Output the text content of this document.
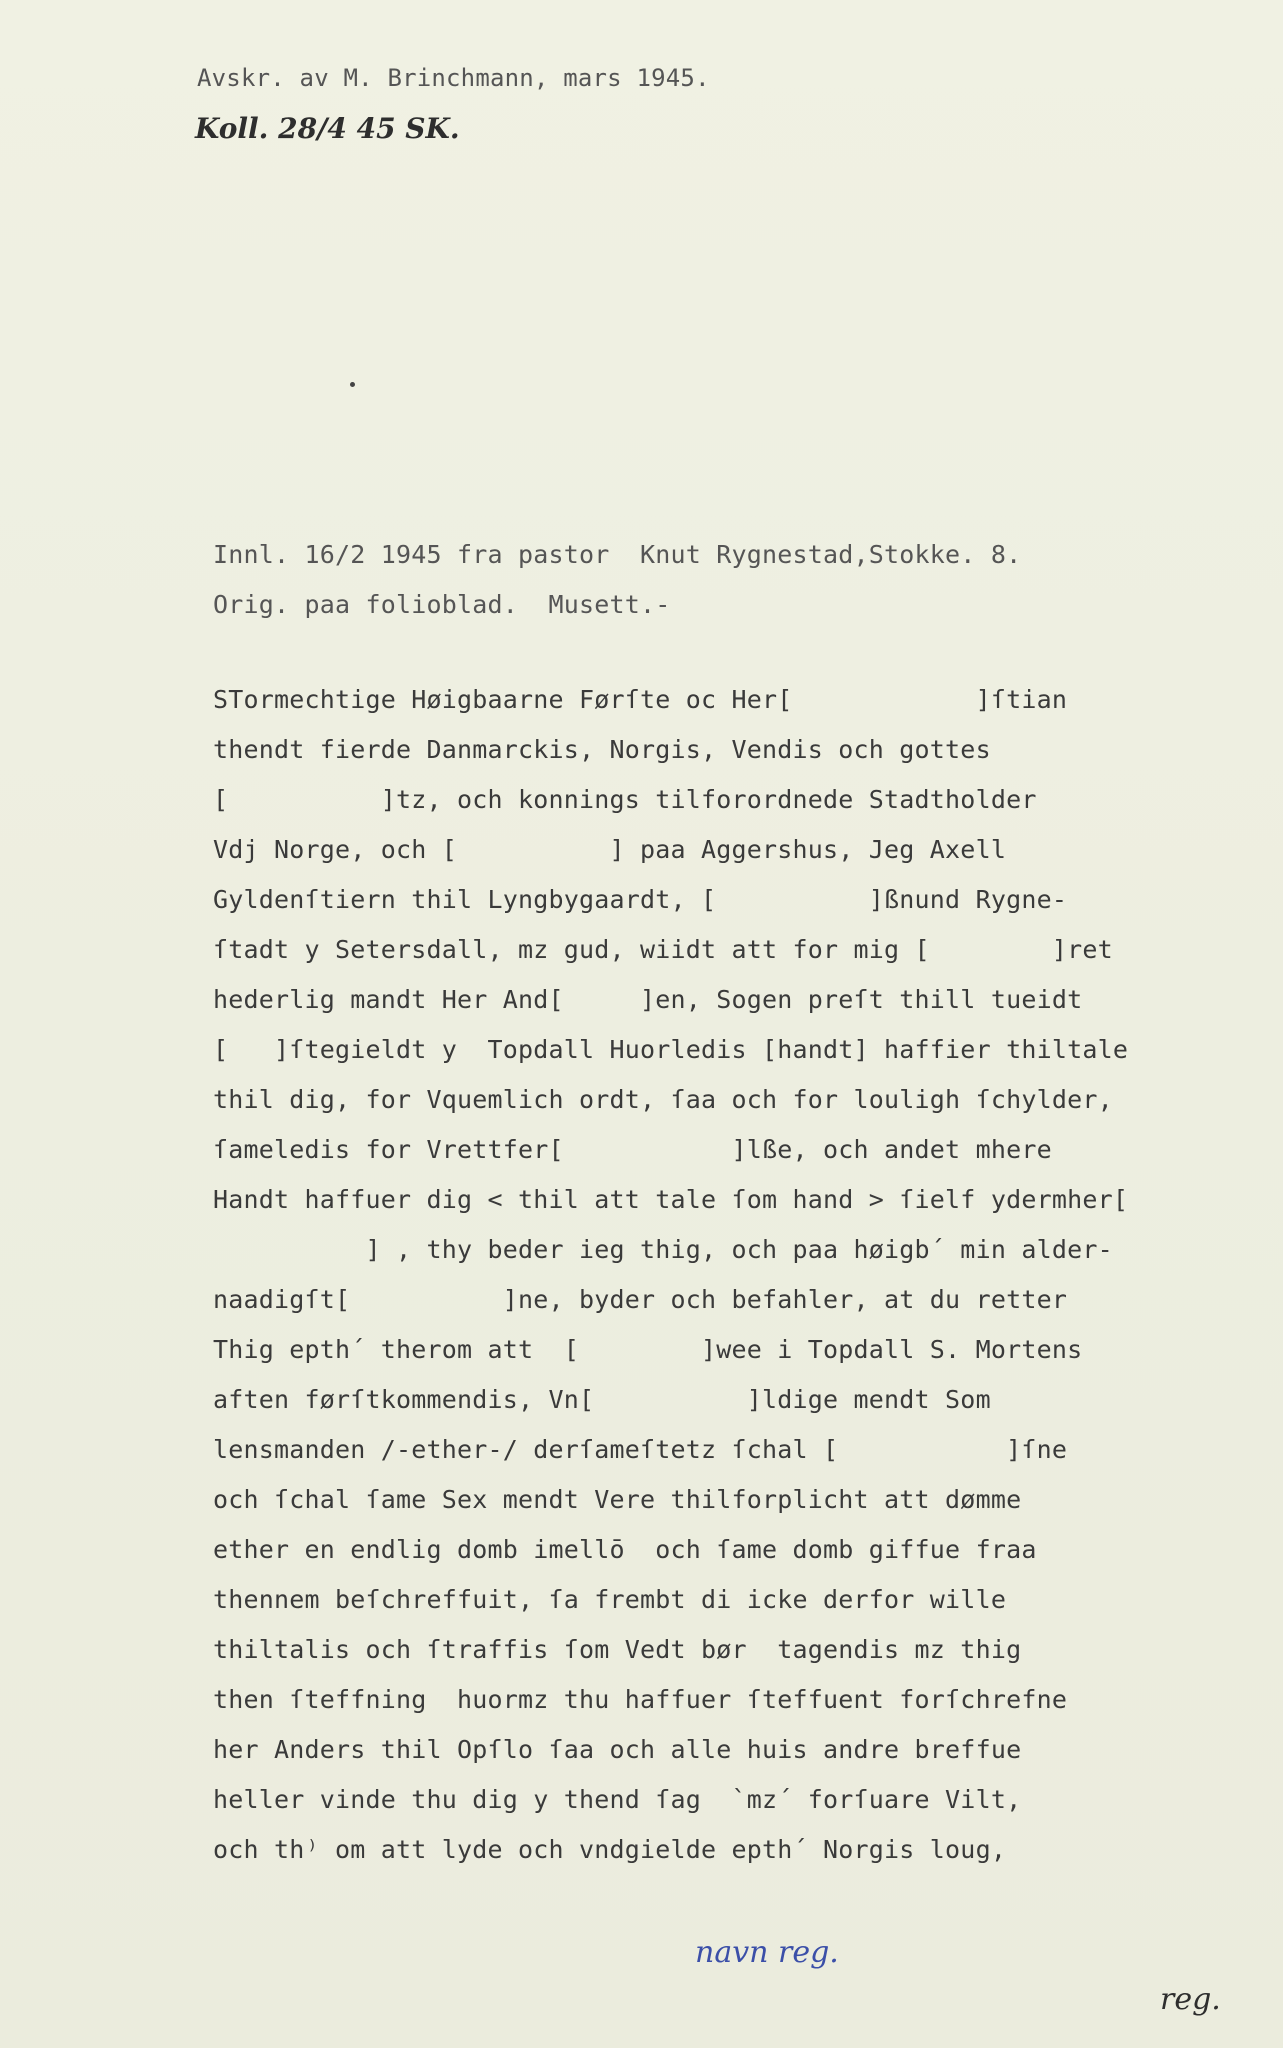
Avskr. av M. Brinchmann, mars 1945.
Koll. 28/4 45 SK.
Innl. 16/2 1945 fra pastor  Knut Rygnestad,Stokke. 8.
Orig. paa folioblad.  Musett.-
STormechtige Høigbaarne Førſte oc Her[            ]ſtian
thendt fierde Danmarckis, Norgis, Vendis och gottes
[          ]tz, och konnings tilforordnede Stadtholder
Vdj Norge, och [          ] paa Aggershus, Jeg Axell
Gyldenſtiern thil Lyngbygaardt, [          ]ßnund Rygne-
ſtadt y Setersdall, mz gud, wiidt att for mig [        ]ret
hederlig mandt Her And[     ]en, Sogen preſt thill tueidt
[   ]ſtegieldt y  Topdall Huorledis [handt] haffier thiltale
thil dig, for Vquemlich ordt, ſaa och for louligh ſchylder,
ſameledis for Vrettfer[           ]lße, och andet mhere
Handt haffuer dig < thil att tale ſom hand > ſielf ydermher[
] , thy beder ieg thig, och paa høigb´ min alder-
naadigſt[          ]ne, byder och befahler, at du retter
Thig epth´ therom att  [        ]wee i Topdall S. Mortens
aften førſtkommendis, Vn[          ]ldige mendt Som
lensmanden /-ether-/ derſameſtetz ſchal [           ]ſne
och ſchal ſame Sex mendt Vere thilforplicht att dømme
ether en endlig domb imellō  och ſame domb giffue fraa
thennem beſchreffuit, ſa frembt di icke derfor wille
thiltalis och ſtraffis ſom Vedt bør  tagendis mz thig
then ſteffning  huormz thu haffuer ſteffuent forſchrefne
her Anders thil Opſlo ſaa och alle huis andre breffue
heller vinde thu dig y thend ſag  `mz´ forſuare Vilt,
och th⁾ om att lyde och vndgielde epth´ Norgis loug,
navn reg.
reg.
